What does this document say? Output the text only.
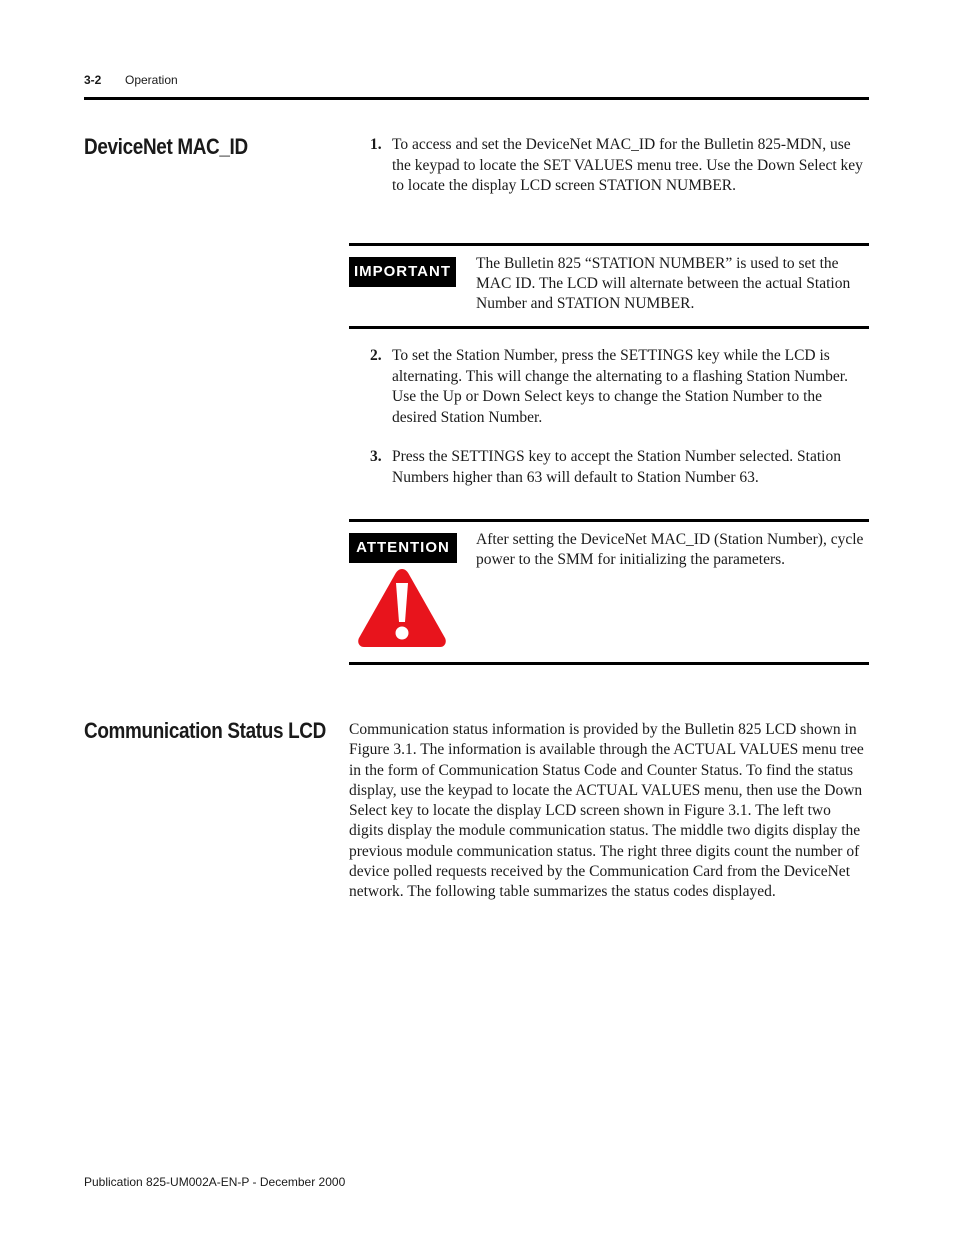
3-2 Operation
DeviceNet MAC_ID	1. To access and set the DeviceNet MAC_ID for the Bulletin 825-MDN, use the keypad to locate the SET VALUES menu tree. Use the Down Select key to locate the display LCD screen STATION NUMBER.
IMPORTANT	The Bulletin 825 “STATION NUMBER” is used to set the MAC ID. The LCD will alternate between the actual Station Number and STATION NUMBER.
2. To set the Station Number, press the SETTINGS key while the LCD is alternating. This will change the alternating to a flashing Station Number. Use the Up or Down Select keys to change the Station Number to the desired Station Number.
3. Press the SETTINGS key to accept the Station Number selected. Station Numbers higher than 63 will default to Station Number 63.
ATTENTION	After setting the DeviceNet MAC_ID (Station Number), cycle power to the SMM for initializing the parameters.
Communication Status LCD Communication status information is provided by the Bulletin 825 LCD shown in Figure 3.1. The information is available through the ACTUAL VALUES menu tree in the form of Communication Status Code and Counter Status. To find the status display, use the keypad to locate the ACTUAL VALUES menu, then use the Down Select key to locate the display LCD screen shown in Figure 3.1. The left two digits display the module communication status. The middle two digits display the previous module communication status. The right three digits count the number of device polled requests received by the Communication Card from the DeviceNet network. The following table summarizes the status codes displayed.
Publication 825-UM002A-EN-P - December 2000
